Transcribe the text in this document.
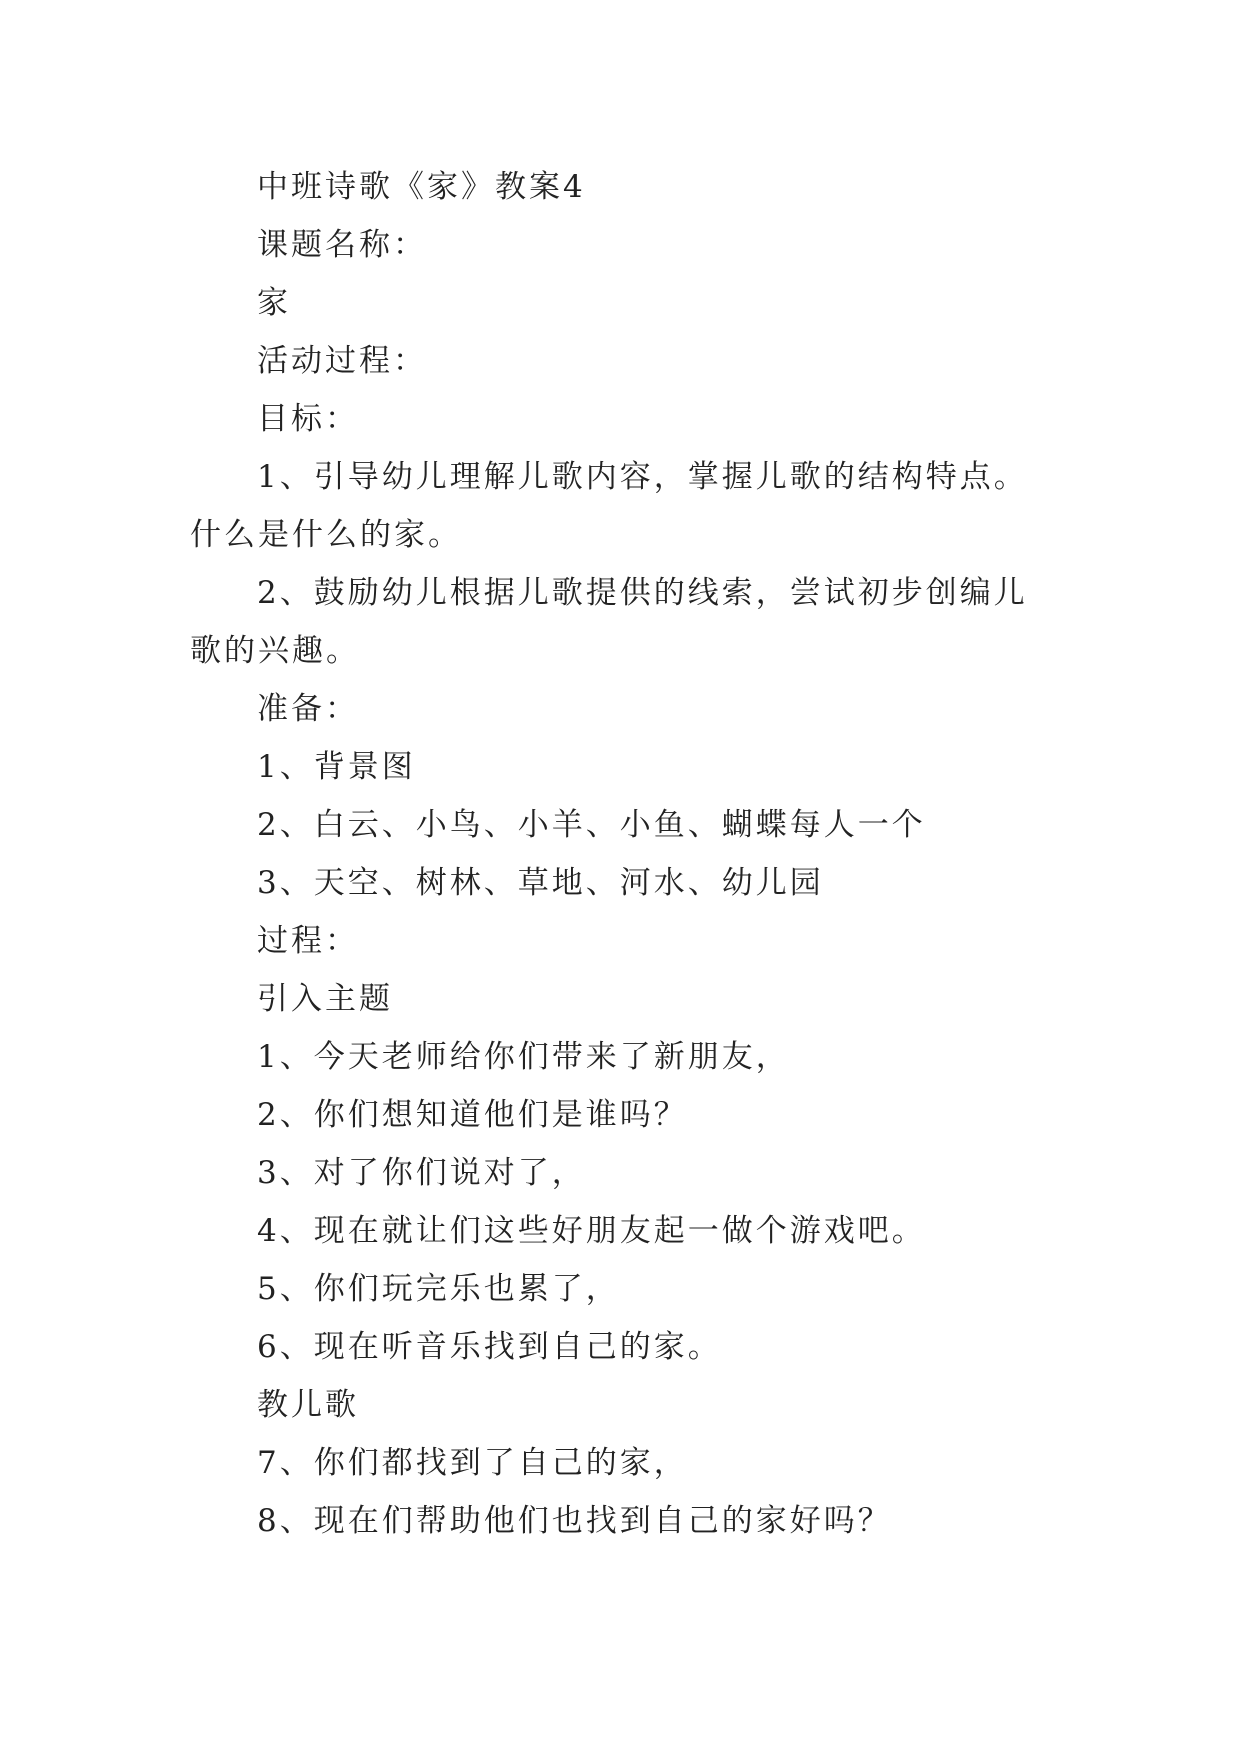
中班诗歌《家》教案4
课题名称：
家
活动过程：
目标：
1、引导幼儿理解儿歌内容，掌握儿歌的结构特点。什么是什么的家。
2、鼓励幼儿根据儿歌提供的线索，尝试初步创编儿歌的兴趣。
准备：
1、背景图
2、白云、小鸟、小羊、小鱼、蝴蝶每人一个
3、天空、树林、草地、河水、幼儿园
过程：
引入主题
1、今天老师给你们带来了新朋友，
2、你们想知道他们是谁吗？
3、对了你们说对了，
4、现在就让们这些好朋友起一做个游戏吧。
5、你们玩完乐也累了，
6、现在听音乐找到自己的家。
教儿歌
7、你们都找到了自己的家，
8、现在们帮助他们也找到自己的家好吗？
